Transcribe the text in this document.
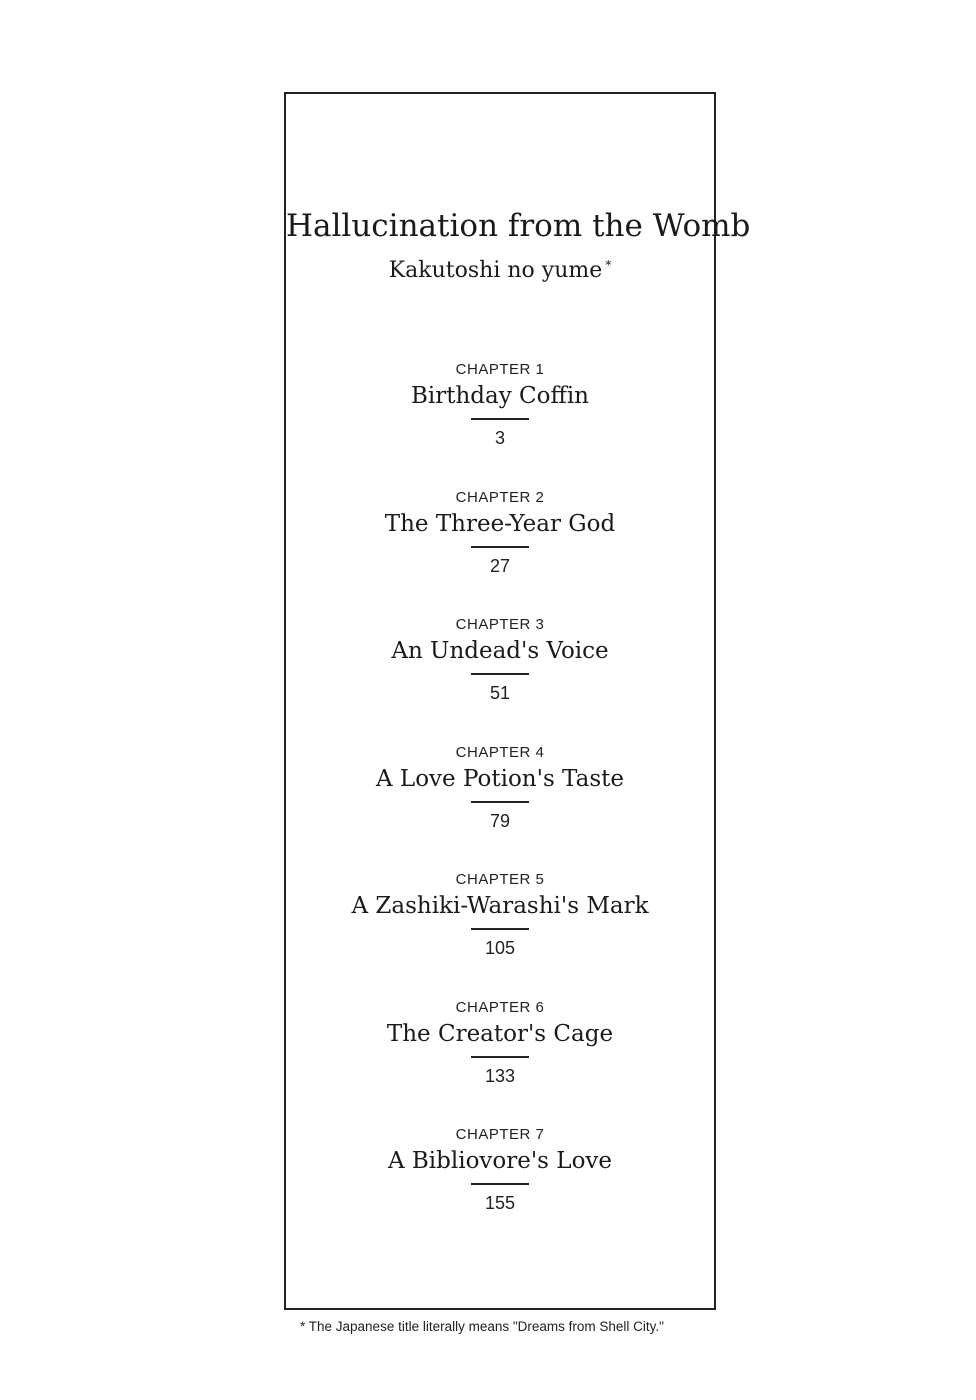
Hallucination from the Womb
Kakutoshi no yume *
CHAPTER 1
Birthday Coffin
3
CHAPTER 2
The Three-Year God
27
CHAPTER 3
An Undead's Voice
51
CHAPTER 4
A Love Potion's Taste
79
CHAPTER 5
A Zashiki-Warashi's Mark
105
CHAPTER 6
The Creator's Cage
133
CHAPTER 7
A Bibliovore's Love
155
* The Japanese title literally means "Dreams from Shell City."
